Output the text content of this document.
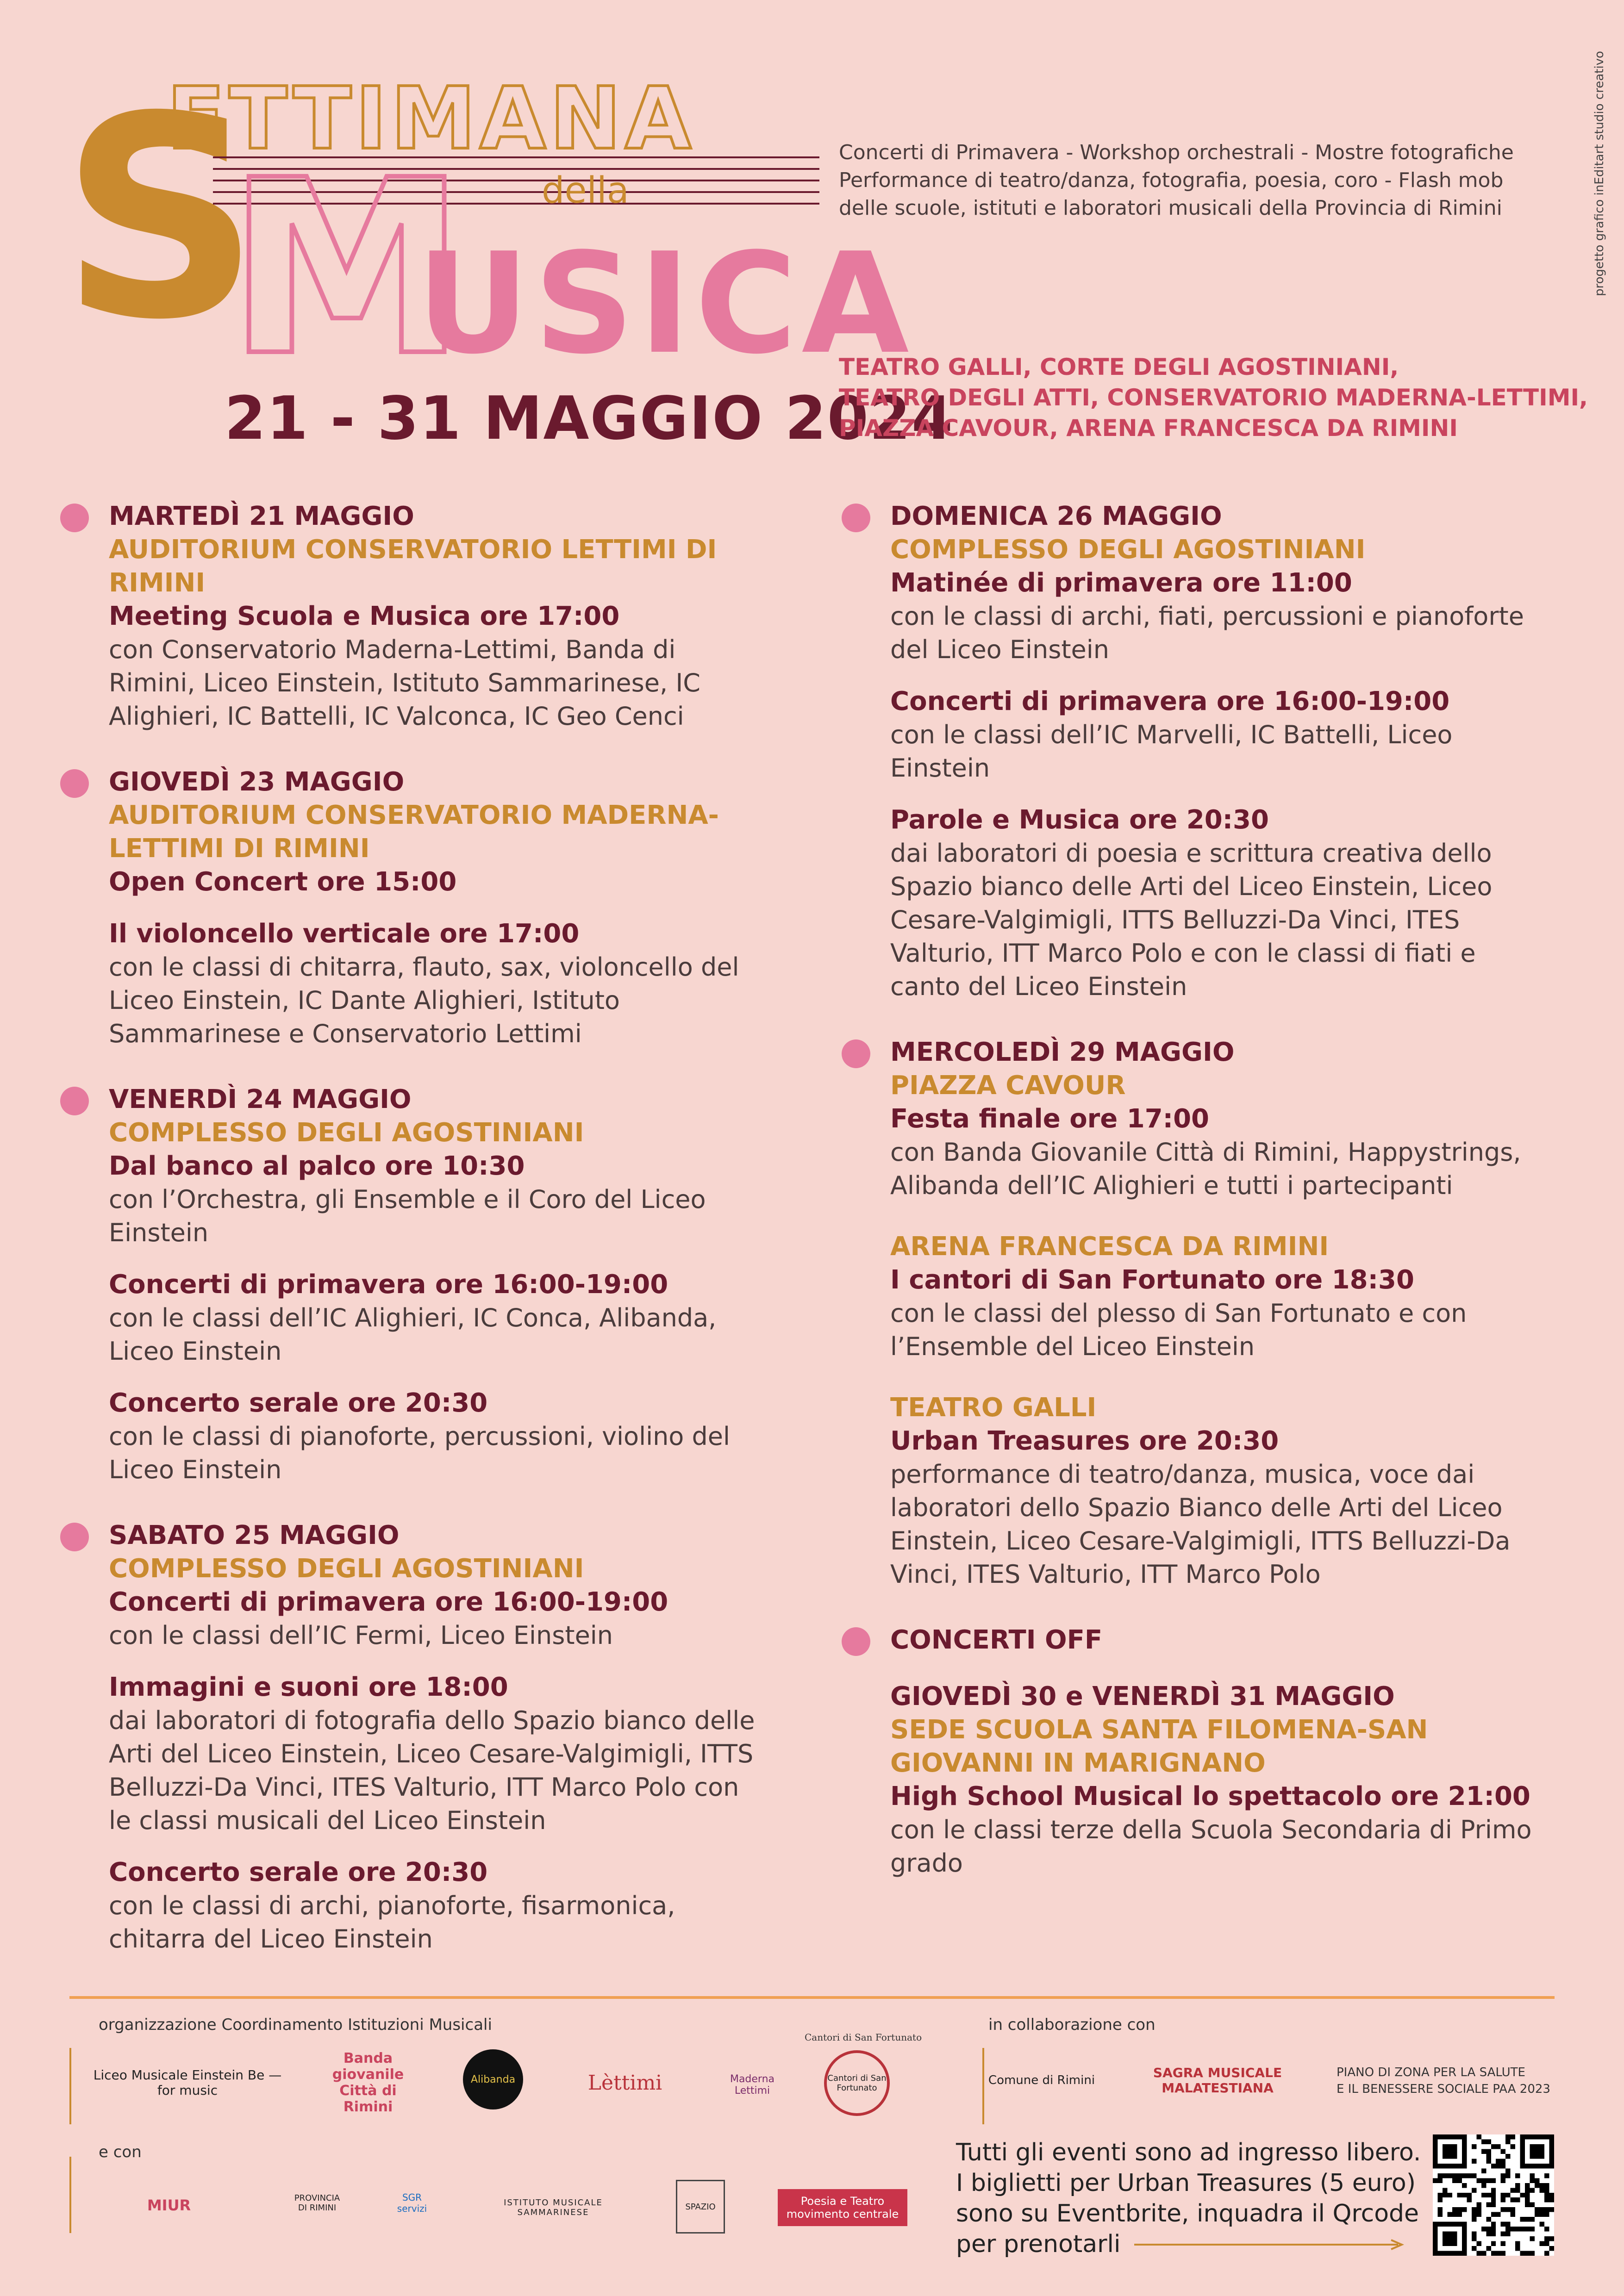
S
ETTIMANA
della
M
USICA
progetto grafico inEditart studio creativo
Concerti di Primavera - Workshop orchestrali - Mostre fotografiche
Performance di teatro/danza, fotografia, poesia, coro - Flash mob
delle scuole, istituti e laboratori musicali della Provincia di Rimini
21 - 31 MAGGIO 2024
TEATRO GALLI, CORTE DEGLI AGOSTINIANI,
TEATRO DEGLI ATTI, CONSERVATORIO MADERNA-LETTIMI,
PIAZZA CAVOUR, ARENA FRANCESCA DA RIMINI
MARTEDÌ 21 MAGGIO
AUDITORIUM CONSERVATORIO LETTIMI DI RIMINI
Meeting Scuola e Musica ore 17:00
con Conservatorio Maderna-Lettimi, Banda di Rimini, Liceo Einstein, Istituto Sammarinese, IC Alighieri, IC Battelli, IC Valconca, IC Geo Cenci
GIOVEDÌ 23 MAGGIO
AUDITORIUM CONSERVATORIO MADERNA-LETTIMI DI RIMINI
Open Concert ore 15:00
Il violoncello verticale ore 17:00
con le classi di chitarra, flauto, sax, violoncello del Liceo Einstein, IC Dante Alighieri, Istituto Sammarinese e Conservatorio Lettimi
VENERDÌ 24 MAGGIO
COMPLESSO DEGLI AGOSTINIANI
Dal banco al palco ore 10:30
con l’Orchestra, gli Ensemble e il Coro del Liceo Einstein
Concerti di primavera ore 16:00-19:00
con le classi dell’IC Alighieri, IC Conca, Alibanda, Liceo Einstein
Concerto serale ore 20:30
con le classi di pianoforte, percussioni, violino del Liceo Einstein
SABATO 25 MAGGIO
COMPLESSO DEGLI AGOSTINIANI
Concerti di primavera ore 16:00-19:00
con le classi dell’IC Fermi, Liceo Einstein
Immagini e suoni ore 18:00
dai laboratori di fotografia dello Spazio bianco delle Arti del Liceo Einstein, Liceo Cesare-Valgimigli, ITTS Belluzzi-Da Vinci, ITES Valturio, ITT Marco Polo con le classi musicali del Liceo Einstein
Concerto serale ore 20:30
con le classi di archi, pianoforte, fisarmonica, chitarra del Liceo Einstein
DOMENICA 26 MAGGIO
COMPLESSO DEGLI AGOSTINIANI
Matinée di primavera ore 11:00
con le classi di archi, fiati, percussioni e pianoforte del Liceo Einstein
Concerti di primavera ore 16:00-19:00
con le classi dell’IC Marvelli, IC Battelli, Liceo Einstein
Parole e Musica ore 20:30
dai laboratori di poesia e scrittura creativa dello Spazio bianco delle Arti del Liceo Einstein, Liceo Cesare-Valgimigli, ITTS Belluzzi-Da Vinci, ITES Valturio, ITT Marco Polo e con le classi di fiati e canto del Liceo Einstein
MERCOLEDÌ 29 MAGGIO
PIAZZA CAVOUR
Festa finale ore 17:00
con Banda Giovanile Città di Rimini, Happystrings, Alibanda dell’IC Alighieri e tutti i partecipanti
ARENA FRANCESCA DA RIMINI
I cantori di San Fortunato ore 18:30
con le classi del plesso di San Fortunato e con l’Ensemble del Liceo Einstein
TEATRO GALLI
Urban Treasures ore 20:30
performance di teatro/danza, musica, voce dai laboratori dello Spazio Bianco delle Arti del Liceo Einstein, Liceo Cesare-Valgimigli, ITTS Belluzzi-Da Vinci, ITES Valturio, ITT Marco Polo
CONCERTI OFF
GIOVEDÌ 30 e VENERDÌ 31 MAGGIO
SEDE SCUOLA SANTA FILOMENA-SAN GIOVANNI IN MARIGNANO
High School Musical lo spettacolo ore 21:00
con le classi terze della Scuola Secondaria di Primo grado
organizzazione Coordinamento Istituzioni Musicali	in collaborazione con
e con
Cantori di San Fortunato
Liceo Musicale Einstein Be — for music
Banda giovanile Città di Rimini
Alibanda	Lèttimi	Maderna Lettimi
Cantori di San Fortunato
Comune di Rimini	SAGRA MUSICALE MALATESTIANA
PIANO DI ZONA PER LA SALUTE
E IL BENESSERE SOCIALE PAA 2023
MIUR	PROVINCIA DI RIMINI
SGR servizi
ISTITUTO MUSICALE SAMMARINESE
SPAZIO	Poesia e Teatro movimento centrale
Tutti gli eventi sono ad ingresso libero.
I biglietti per Urban Treasures (5 euro)
sono su Eventbrite, inquadra il Qrcode
per prenotarli
